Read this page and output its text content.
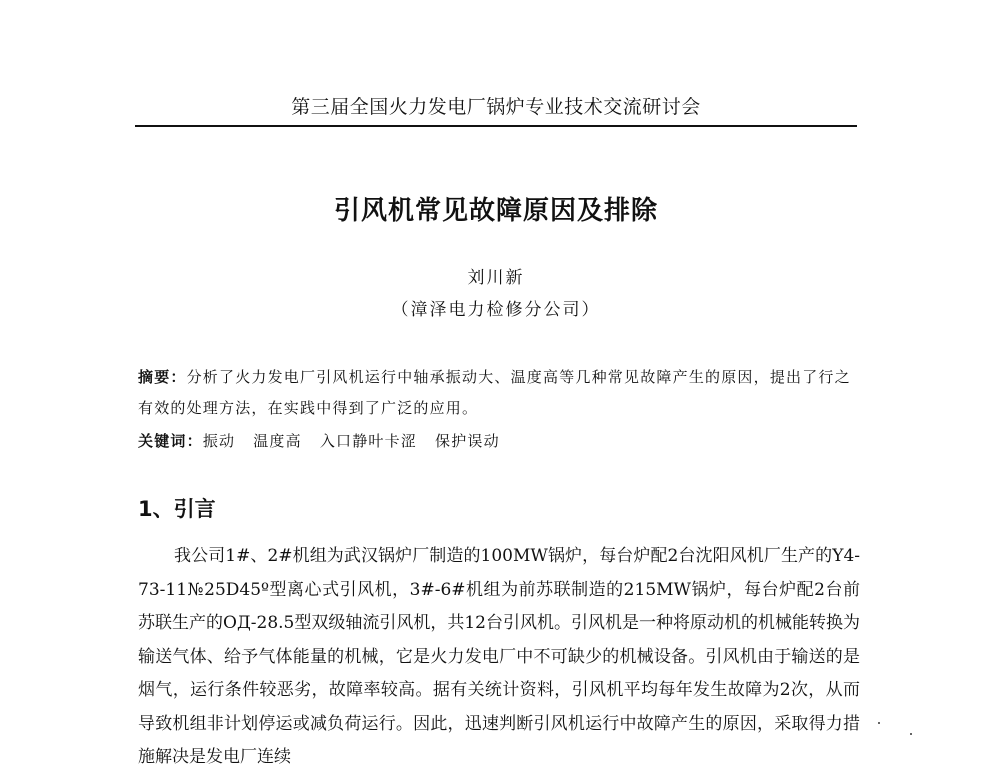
第三届全国火力发电厂锅炉专业技术交流研讨会
引风机常见故障原因及排除
刘川新
（漳泽电力检修分公司）
摘要：分析了火力发电厂引风机运行中轴承振动大、温度高等几种常见故障产生的原因，提出了行之有效的处理方法，在实践中得到了广泛的应用。
关键词：振动 温度高 入口静叶卡涩 保护误动
1、引言
我公司1#、2#机组为武汉锅炉厂制造的100MW锅炉，每台炉配2台沈阳风机厂生产的Y4-73-11№25D45º型离心式引风机，3#-6#机组为前苏联制造的215MW锅炉，每台炉配2台前苏联生产的ОД-28.5型双级轴流引风机，共12台引风机。引风机是一种将原动机的机械能转换为输送气体、给予气体能量的机械，它是火力发电厂中不可缺少的机械设备。引风机由于输送的是烟气，运行条件较恶劣，故障率较高。据有关统计资料，引风机平均每年发生故障为2次，从而导致机组非计划停运或减负荷运行。因此，迅速判断引风机运行中故障产生的原因，采取得力措施解决是发电厂连续
